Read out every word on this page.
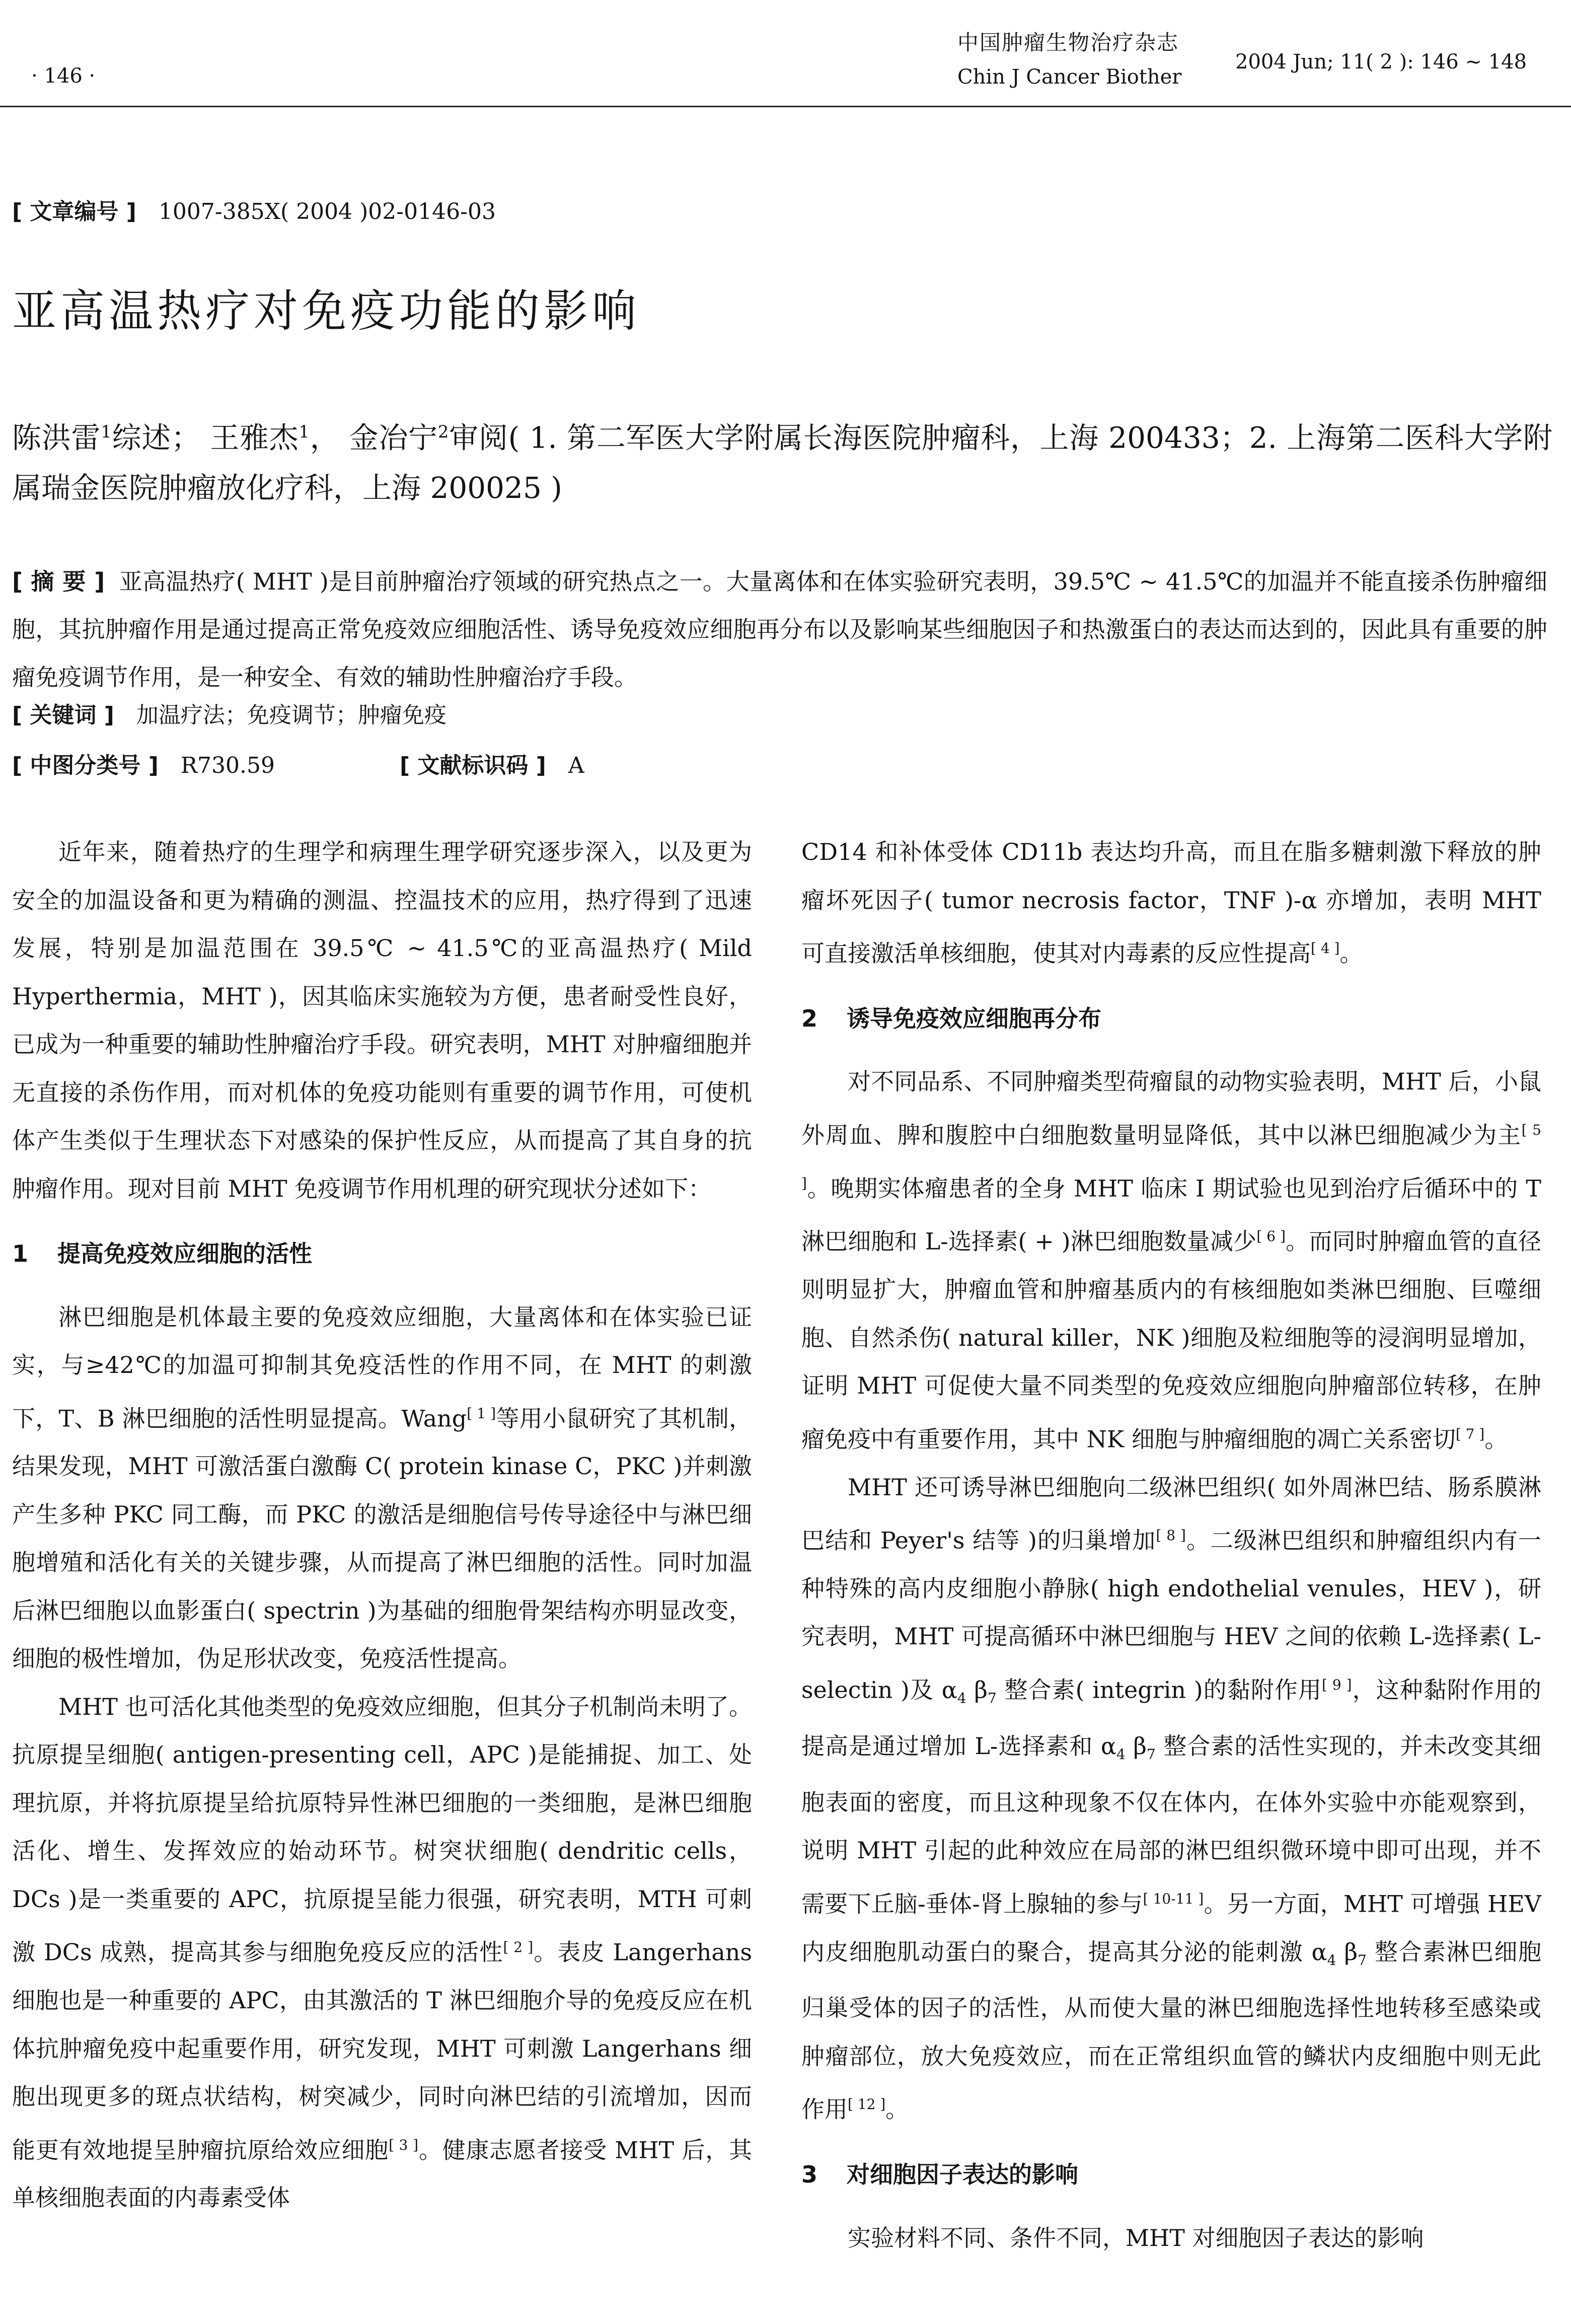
· 146 ·
中国肿瘤生物治疗杂志
Chin J Cancer Biother
2004 Jun; 11( 2 ): 146 ~ 148
[ 文章编号 ] 1007-385X( 2004 )02-0146-03
亚高温热疗对免疫功能的影响
陈洪雷$^1$综述； 王雅杰$^1$， 金冶宁$^2$审阅( 1. 第二军医大学附属长海医院肿瘤科，上海 200433；2. 上海第二医科大学附属瑞金医院肿瘤放化疗科，上海 200025 )
[ 摘 要 ] 亚高温热疗( MHT )是目前肿瘤治疗领域的研究热点之一。大量离体和在体实验研究表明，39.5℃ ~ 41.5℃的加温并不能直接杀伤肿瘤细胞，其抗肿瘤作用是通过提高正常免疫效应细胞活性、诱导免疫效应细胞再分布以及影响某些细胞因子和热激蛋白的表达而达到的，因此具有重要的肿瘤免疫调节作用，是一种安全、有效的辅助性肿瘤治疗手段。
[ 关键词 ] 加温疗法；免疫调节；肿瘤免疫
[ 中图分类号 ] R730.59	[ 文献标识码 ] A

近年来，随着热疗的生理学和病理生理学研究逐步深入，以及更为安全的加温设备和更为精确的测温、控温技术的应用，热疗得到了迅速发展，特别是加温范围在 39.5℃ ~ 41.5℃的亚高温热疗( Mild Hyperthermia，MHT )，因其临床实施较为方便，患者耐受性良好，已成为一种重要的辅助性肿瘤治疗手段。研究表明，MHT 对肿瘤细胞并无直接的杀伤作用，而对机体的免疫功能则有重要的调节作用，可使机体产生类似于生理状态下对感染的保护性反应，从而提高了其自身的抗肿瘤作用。现对目前 MHT 免疫调节作用机理的研究现状分述如下：

1 提高免疫效应细胞的活性

淋巴细胞是机体最主要的免疫效应细胞，大量离体和在体实验已证实，与≥42℃的加温可抑制其免疫活性的作用不同，在 MHT 的刺激下，T、B 淋巴细胞的活性明显提高。Wang[ 1 ]等用小鼠研究了其机制，结果发现，MHT 可激活蛋白激酶 C( protein kinase C，PKC )并刺激产生多种 PKC 同工酶，而 PKC 的激活是细胞信号传导途径中与淋巴细胞增殖和活化有关的关键步骤，从而提高了淋巴细胞的活性。同时加温后淋巴细胞以血影蛋白( spectrin )为基础的细胞骨架结构亦明显改变，细胞的极性增加，伪足形状改变，免疫活性提高。

MHT 也可活化其他类型的免疫效应细胞，但其分子机制尚未明了。抗原提呈细胞( antigen-presenting cell，APC )是能捕捉、加工、处理抗原，并将抗原提呈给抗原特异性淋巴细胞的一类细胞，是淋巴细胞活化、增生、发挥效应的始动环节。树突状细胞( dendritic cells，DCs )是一类重要的 APC，抗原提呈能力很强，研究表明，MTH 可刺激 DCs 成熟，提高其参与细胞免疫反应的活性[ 2 ]。表皮 Langerhans 细胞也是一种重要的 APC，由其激活的 T 淋巴细胞介导的免疫反应在机体抗肿瘤免疫中起重要作用，研究发现，MHT 可刺激 Langerhans 细胞出现更多的斑点状结构，树突减少，同时向淋巴结的引流增加，因而能更有效地提呈肿瘤抗原给效应细胞[ 3 ]。健康志愿者接受 MHT 后，其单核细胞表面的内毒素受体

CD14 和补体受体 CD11b 表达均升高，而且在脂多糖刺激下释放的肿瘤坏死因子( tumor necrosis factor，TNF )-α 亦增加，表明 MHT 可直接激活单核细胞，使其对内毒素的反应性提高[ 4 ]。

2 诱导免疫效应细胞再分布

对不同品系、不同肿瘤类型荷瘤鼠的动物实验表明，MHT 后，小鼠外周血、脾和腹腔中白细胞数量明显降低，其中以淋巴细胞减少为主[ 5 ]。晚期实体瘤患者的全身 MHT 临床 I 期试验也见到治疗后循环中的 T 淋巴细胞和 L-选择素( + )淋巴细胞数量减少[ 6 ]。而同时肿瘤血管的直径则明显扩大，肿瘤血管和肿瘤基质内的有核细胞如类淋巴细胞、巨噬细胞、自然杀伤( natural killer，NK )细胞及粒细胞等的浸润明显增加，证明 MHT 可促使大量不同类型的免疫效应细胞向肿瘤部位转移，在肿瘤免疫中有重要作用，其中 NK 细胞与肿瘤细胞的凋亡关系密切[ 7 ]。

MHT 还可诱导淋巴细胞向二级淋巴组织( 如外周淋巴结、肠系膜淋巴结和 Peyer's 结等 )的归巢增加[ 8 ]。二级淋巴组织和肿瘤组织内有一种特殊的高内皮细胞小静脉( high endothelial venules，HEV )，研究表明，MHT 可提高循环中淋巴细胞与 HEV 之间的依赖 L-选择素( L-selectin )及 $\alpha_4$ $\beta_7$ 整合素( integrin )的黏附作用[ 9 ]，这种黏附作用的提高是通过增加 L-选择素和 $\alpha_4$ $\beta_7$ 整合素的活性实现的，并未改变其细胞表面的密度，而且这种现象不仅在体内，在体外实验中亦能观察到，说明 MHT 引起的此种效应在局部的淋巴组织微环境中即可出现，并不需要下丘脑-垂体-肾上腺轴的参与[ 10-11 ]。另一方面，MHT 可增强 HEV 内皮细胞肌动蛋白的聚合，提高其分泌的能刺激 $\alpha_4$ $\beta_7$ 整合素淋巴细胞归巢受体的因子的活性，从而使大量的淋巴细胞选择性地转移至感染或肿瘤部位，放大免疫效应，而在正常组织血管的鳞状内皮细胞中则无此作用[ 12 ]。

3 对细胞因子表达的影响

实验材料不同、条件不同，MHT 对细胞因子表达的影响
